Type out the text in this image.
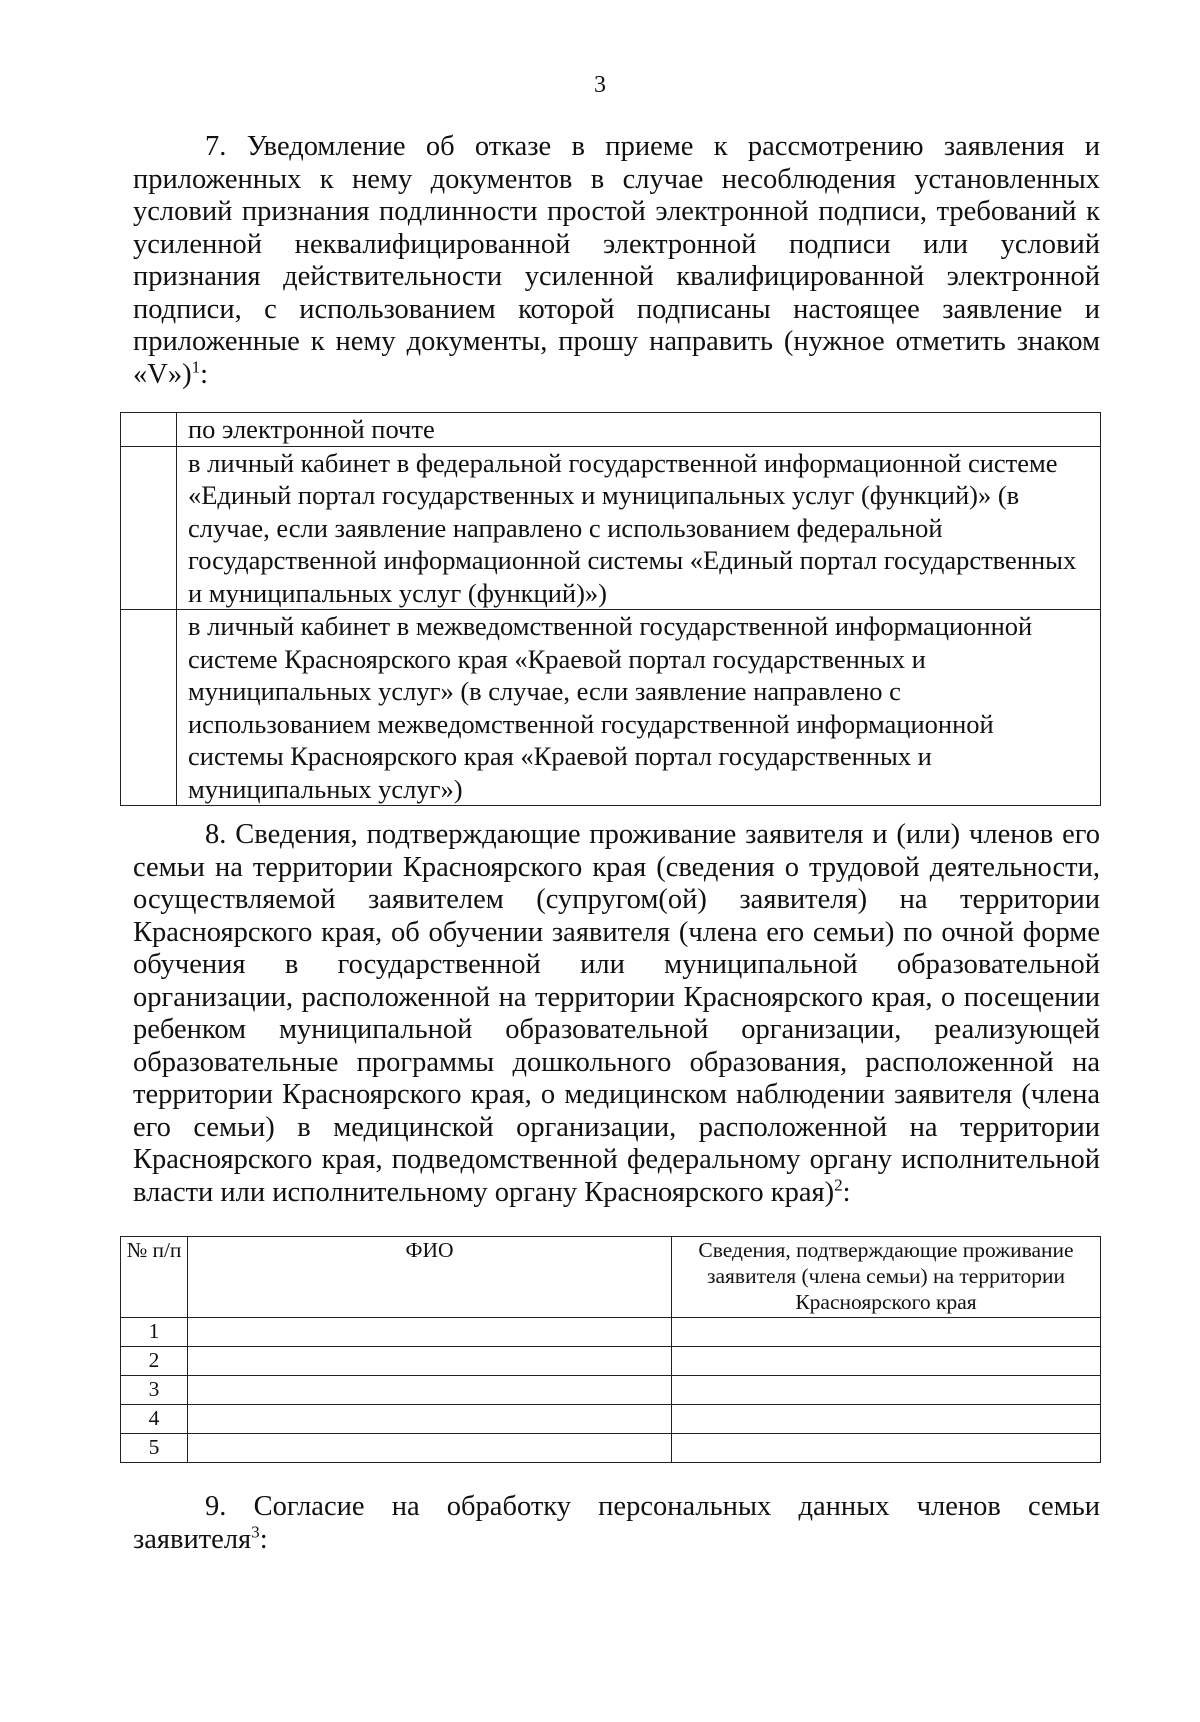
3
7. Уведомление об отказе в приеме к рассмотрению заявления и приложенных к нему документов в случае несоблюдения установленных условий признания подлинности простой электронной подписи, требований к усиленной неквалифицированной электронной подписи или условий признания действительности усиленной квалифицированной электронной подписи, с использованием которой подписаны настоящее заявление и приложенные к нему документы, прошу направить (нужное отметить знаком «V»)$^1$:
	по электронной почте
	в личный кабинет в федеральной государственной информационной системе «Единый портал государственных и муниципальных услуг (функций)» (в случае, если заявление направлено с использованием федеральной государственной информационной системы «Единый портал государственных и муниципальных услуг (функций)»)
	в личный кабинет в межведомственной государственной информационной системе Красноярского края «Краевой портал государственных и муниципальных услуг» (в случае, если заявление направлено с использованием межведомственной государственной информационной системы Красноярского края «Краевой портал государственных и муниципальных услуг»)
8. Сведения, подтверждающие проживание заявителя и (или) членов его семьи на территории Красноярского края (сведения о трудовой деятельности, осуществляемой заявителем (супругом(ой) заявителя) на территории Красноярского края, об обучении заявителя (члена его семьи) по очной форме обучения в государственной или муниципальной образовательной организации, расположенной на территории Красноярского края, о посещении ребенком муниципальной образовательной организации, реализующей образовательные программы дошкольного образования, расположенной на территории Красноярского края, о медицинском наблюдении заявителя (члена его семьи) в медицинской организации, расположенной на территории Красноярского края, подведомственной федеральному органу исполнительной власти или исполнительному органу Красноярского края)$^2$:
№ п/п	ФИО	Сведения, подтверждающие проживание заявителя (члена семьи) на территории Красноярского края
1		
2		
3		
4		
5		
9. Согласие на обработку персональных данных членов семьи заявителя$^3$:
